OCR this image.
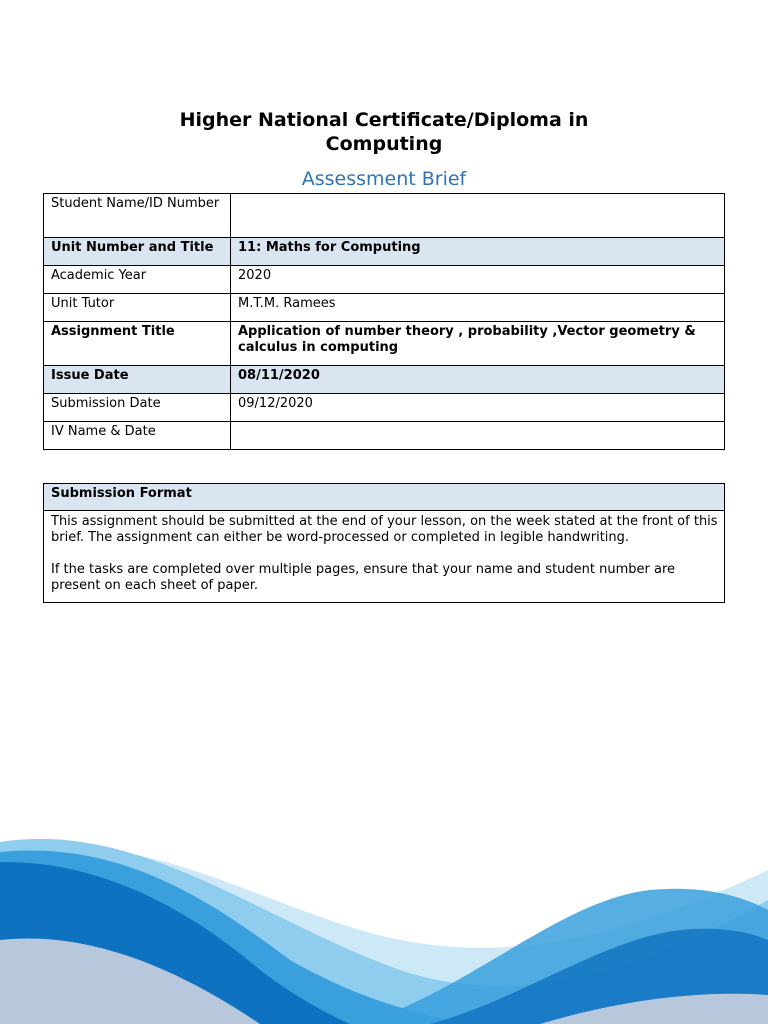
Higher National Certificate/Diploma in
Computing
Assessment Brief
Student Name/ID Number	
Unit Number and Title	11: Maths for Computing
Academic Year	2020
Unit Tutor	M.T.M. Ramees
Assignment Title	Application of number theory , probability ,Vector geometry & calculus in computing
Issue Date	08/11/2020
Submission Date	09/12/2020
IV Name & Date	
Submission Format

This assignment should be submitted at the end of your lesson, on the week stated at the front of this brief. The assignment can either be word-processed or completed in legible handwriting.

If the tasks are completed over multiple pages, ensure that your name and student number are present on each sheet of paper.
